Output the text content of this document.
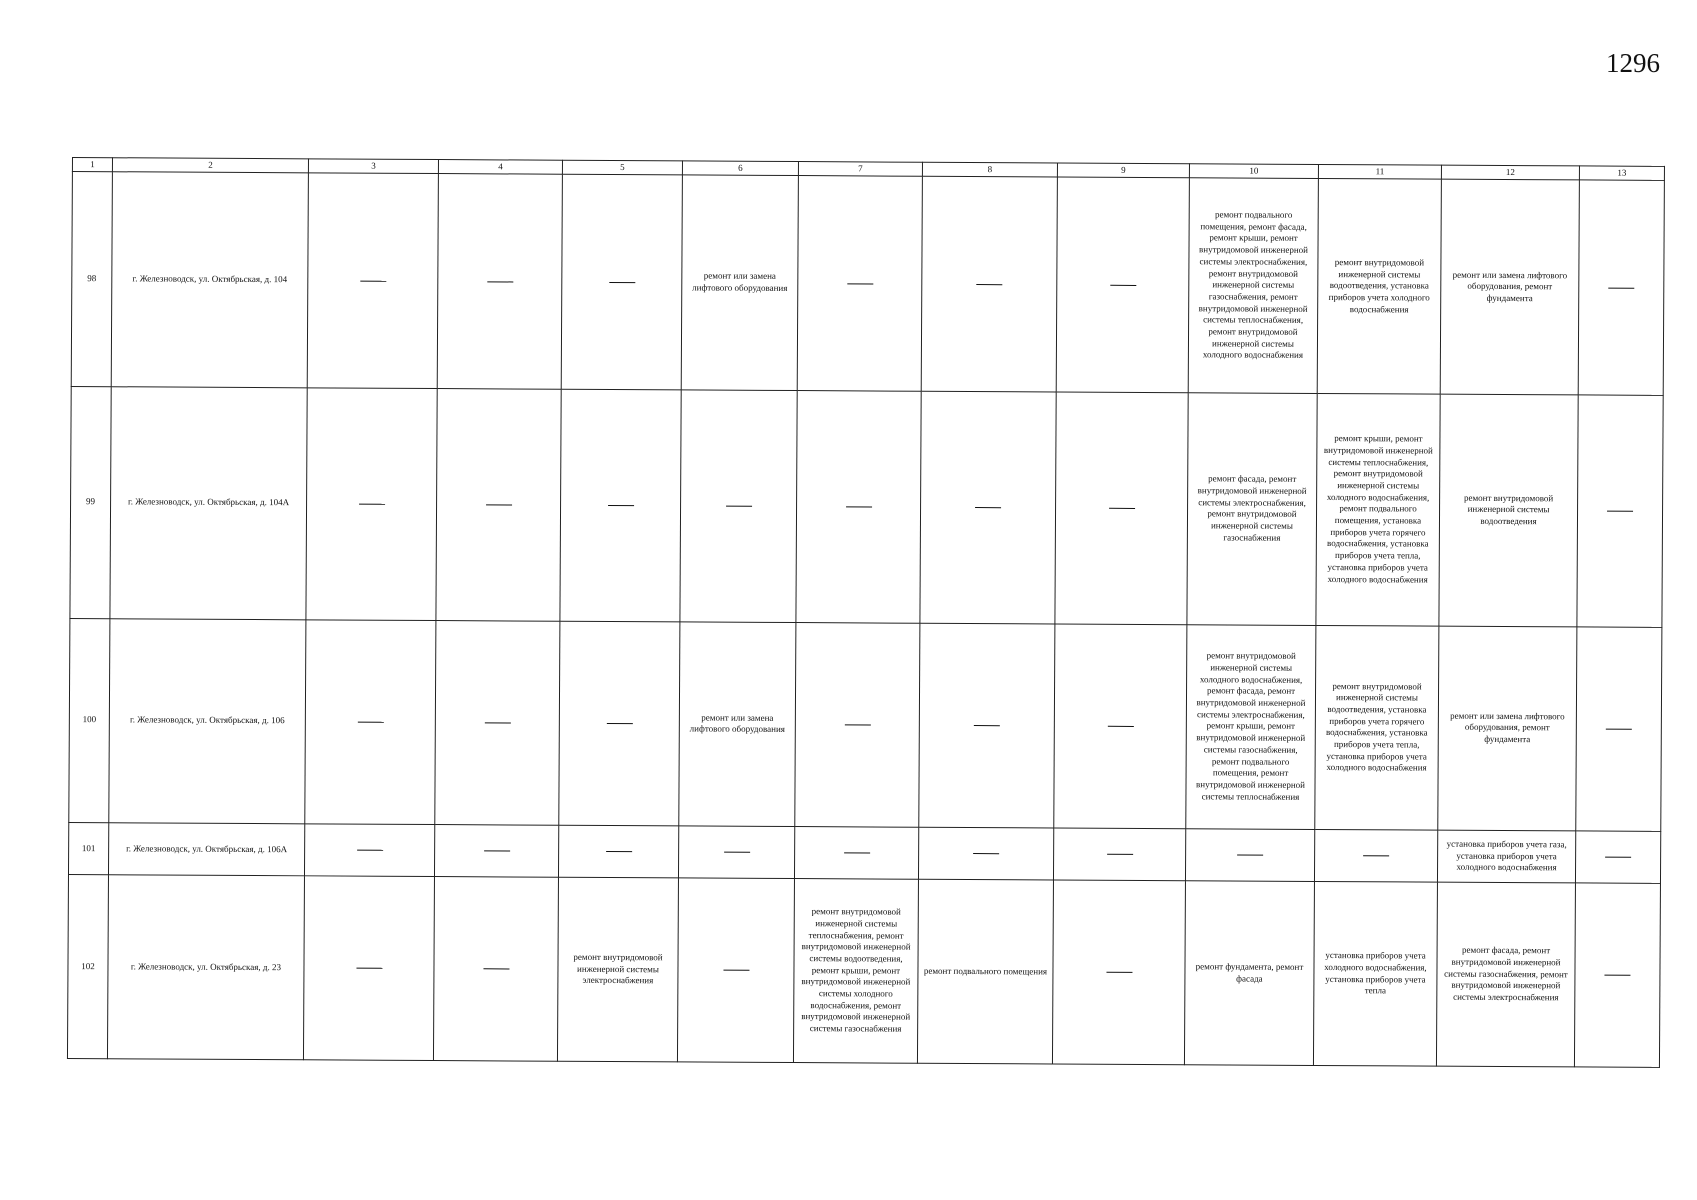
1296
1	2	3	4	5	6	7	8	9	10	11	12	13
98	г. Железноводск, ул. Октябрьская, д. 104				ремонт или замена лифтового оборудования				ремонт подвального помещения, ремонт фасада, ремонт крыши, ремонт внутридомовой инженерной системы электроснабжения, ремонт внутридомовой инженерной системы газоснабжения, ремонт внутридомовой инженерной системы теплоснабжения, ремонт внутридомовой инженерной системы холодного водоснабжения	ремонт внутридомовой инженерной системы водоотведения, установка приборов учета холодного водоснабжения	ремонт или замена лифтового оборудования, ремонт фундамента	
99	г. Железноводск, ул. Октябрьская, д. 104А								ремонт фасада, ремонт внутридомовой инженерной системы электроснабжения, ремонт внутридомовой инженерной системы газоснабжения	ремонт крыши, ремонт внутридомовой инженерной системы теплоснабжения, ремонт внутридомовой инженерной системы холодного водоснабжения, ремонт подвального помещения, установка приборов учета горячего водоснабжения, установка приборов учета тепла, установка приборов учета холодного водоснабжения	ремонт внутридомовой инженерной системы водоотведения	
100	г. Железноводск, ул. Октябрьская, д. 106				ремонт или замена лифтового оборудования				ремонт внутридомовой инженерной системы холодного водоснабжения, ремонт фасада, ремонт внутридомовой инженерной системы электроснабжения, ремонт крыши, ремонт внутридомовой инженерной системы газоснабжения, ремонт подвального помещения, ремонт внутридомовой инженерной системы теплоснабжения	ремонт внутридомовой инженерной системы водоотведения, установка приборов учета горячего водоснабжения, установка приборов учета тепла, установка приборов учета холодного водоснабжения	ремонт или замена лифтового оборудования, ремонт фундамента	
101	г. Железноводск, ул. Октябрьская, д. 106А										установка приборов учета газа, установка приборов учета холодного водоснабжения	
102	г. Железноводск, ул. Октябрьская, д. 23			ремонт внутридомовой инженерной системы электроснабжения		ремонт внутридомовой инженерной системы теплоснабжения, ремонт внутридомовой инженерной системы водоотведения, ремонт крыши, ремонт внутридомовой инженерной системы холодного водоснабжения, ремонт внутридомовой инженерной системы газоснабжения	ремонт подвального помещения		ремонт фундамента, ремонт фасада	установка приборов учета холодного водоснабжения, установка приборов учета тепла	ремонт фасада, ремонт внутридомовой инженерной системы газоснабжения, ремонт внутридомовой инженерной системы электроснабжения	
